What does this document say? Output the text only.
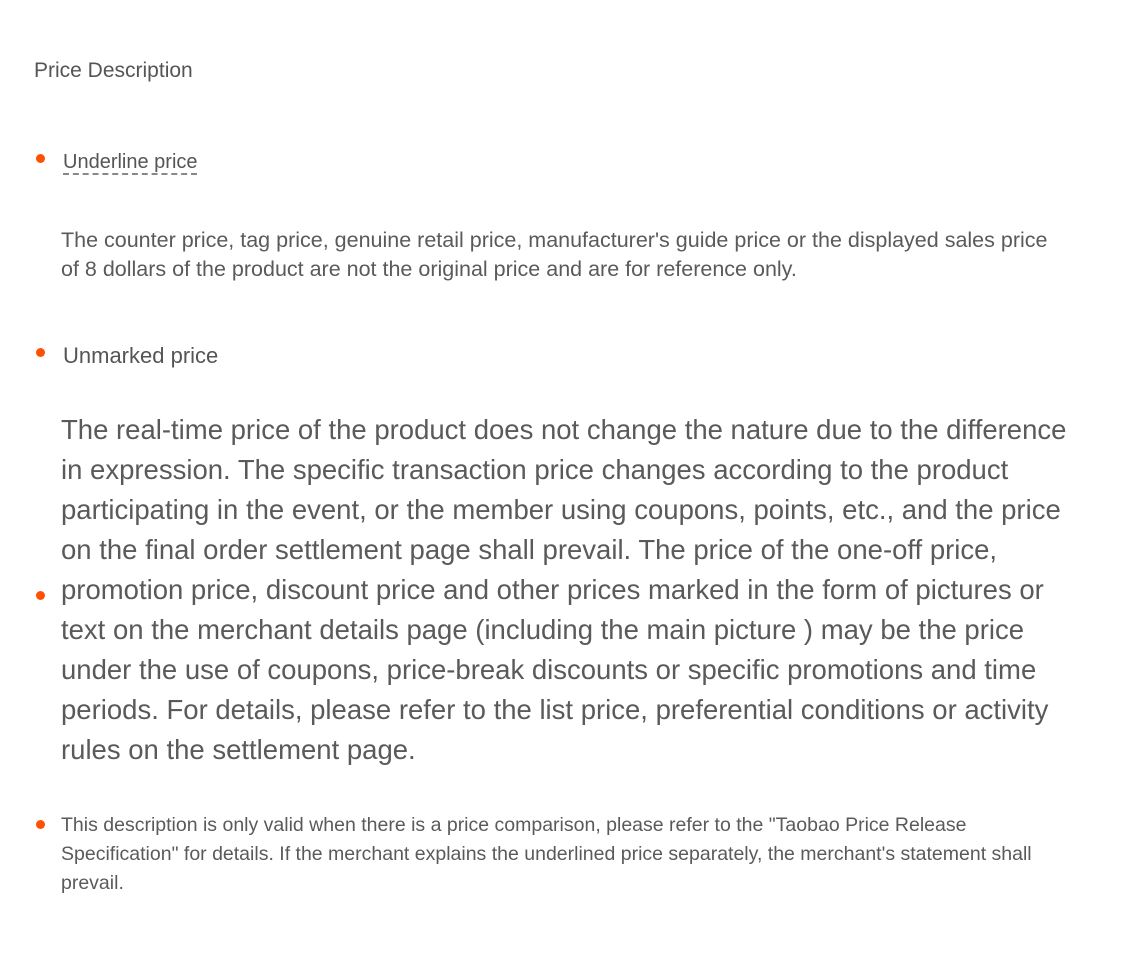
Price Description
Underline price

The counter price, tag price, genuine retail price, manufacturer's guide price or the displayed sales price of 8 dollars of the product are not the original price and are for reference only.

Unmarked price

The real-time price of the product does not change the nature due to the difference in expression. The specific transaction price changes according to the product participating in the event, or the member using coupons, points, etc., and the price on the final order settlement page shall prevail. The price of the one-off price, promotion price, discount price and other prices marked in the form of pictures or text on the merchant details page (including the main picture ) may be the price under the use of coupons, price-break discounts or specific promotions and time periods. For details, please refer to the list price, preferential conditions or activity rules on the settlement page.

This description is only valid when there is a price comparison, please refer to the "Taobao Price Release Specification" for details. If the merchant explains the underlined price separately, the merchant's statement shall prevail.
